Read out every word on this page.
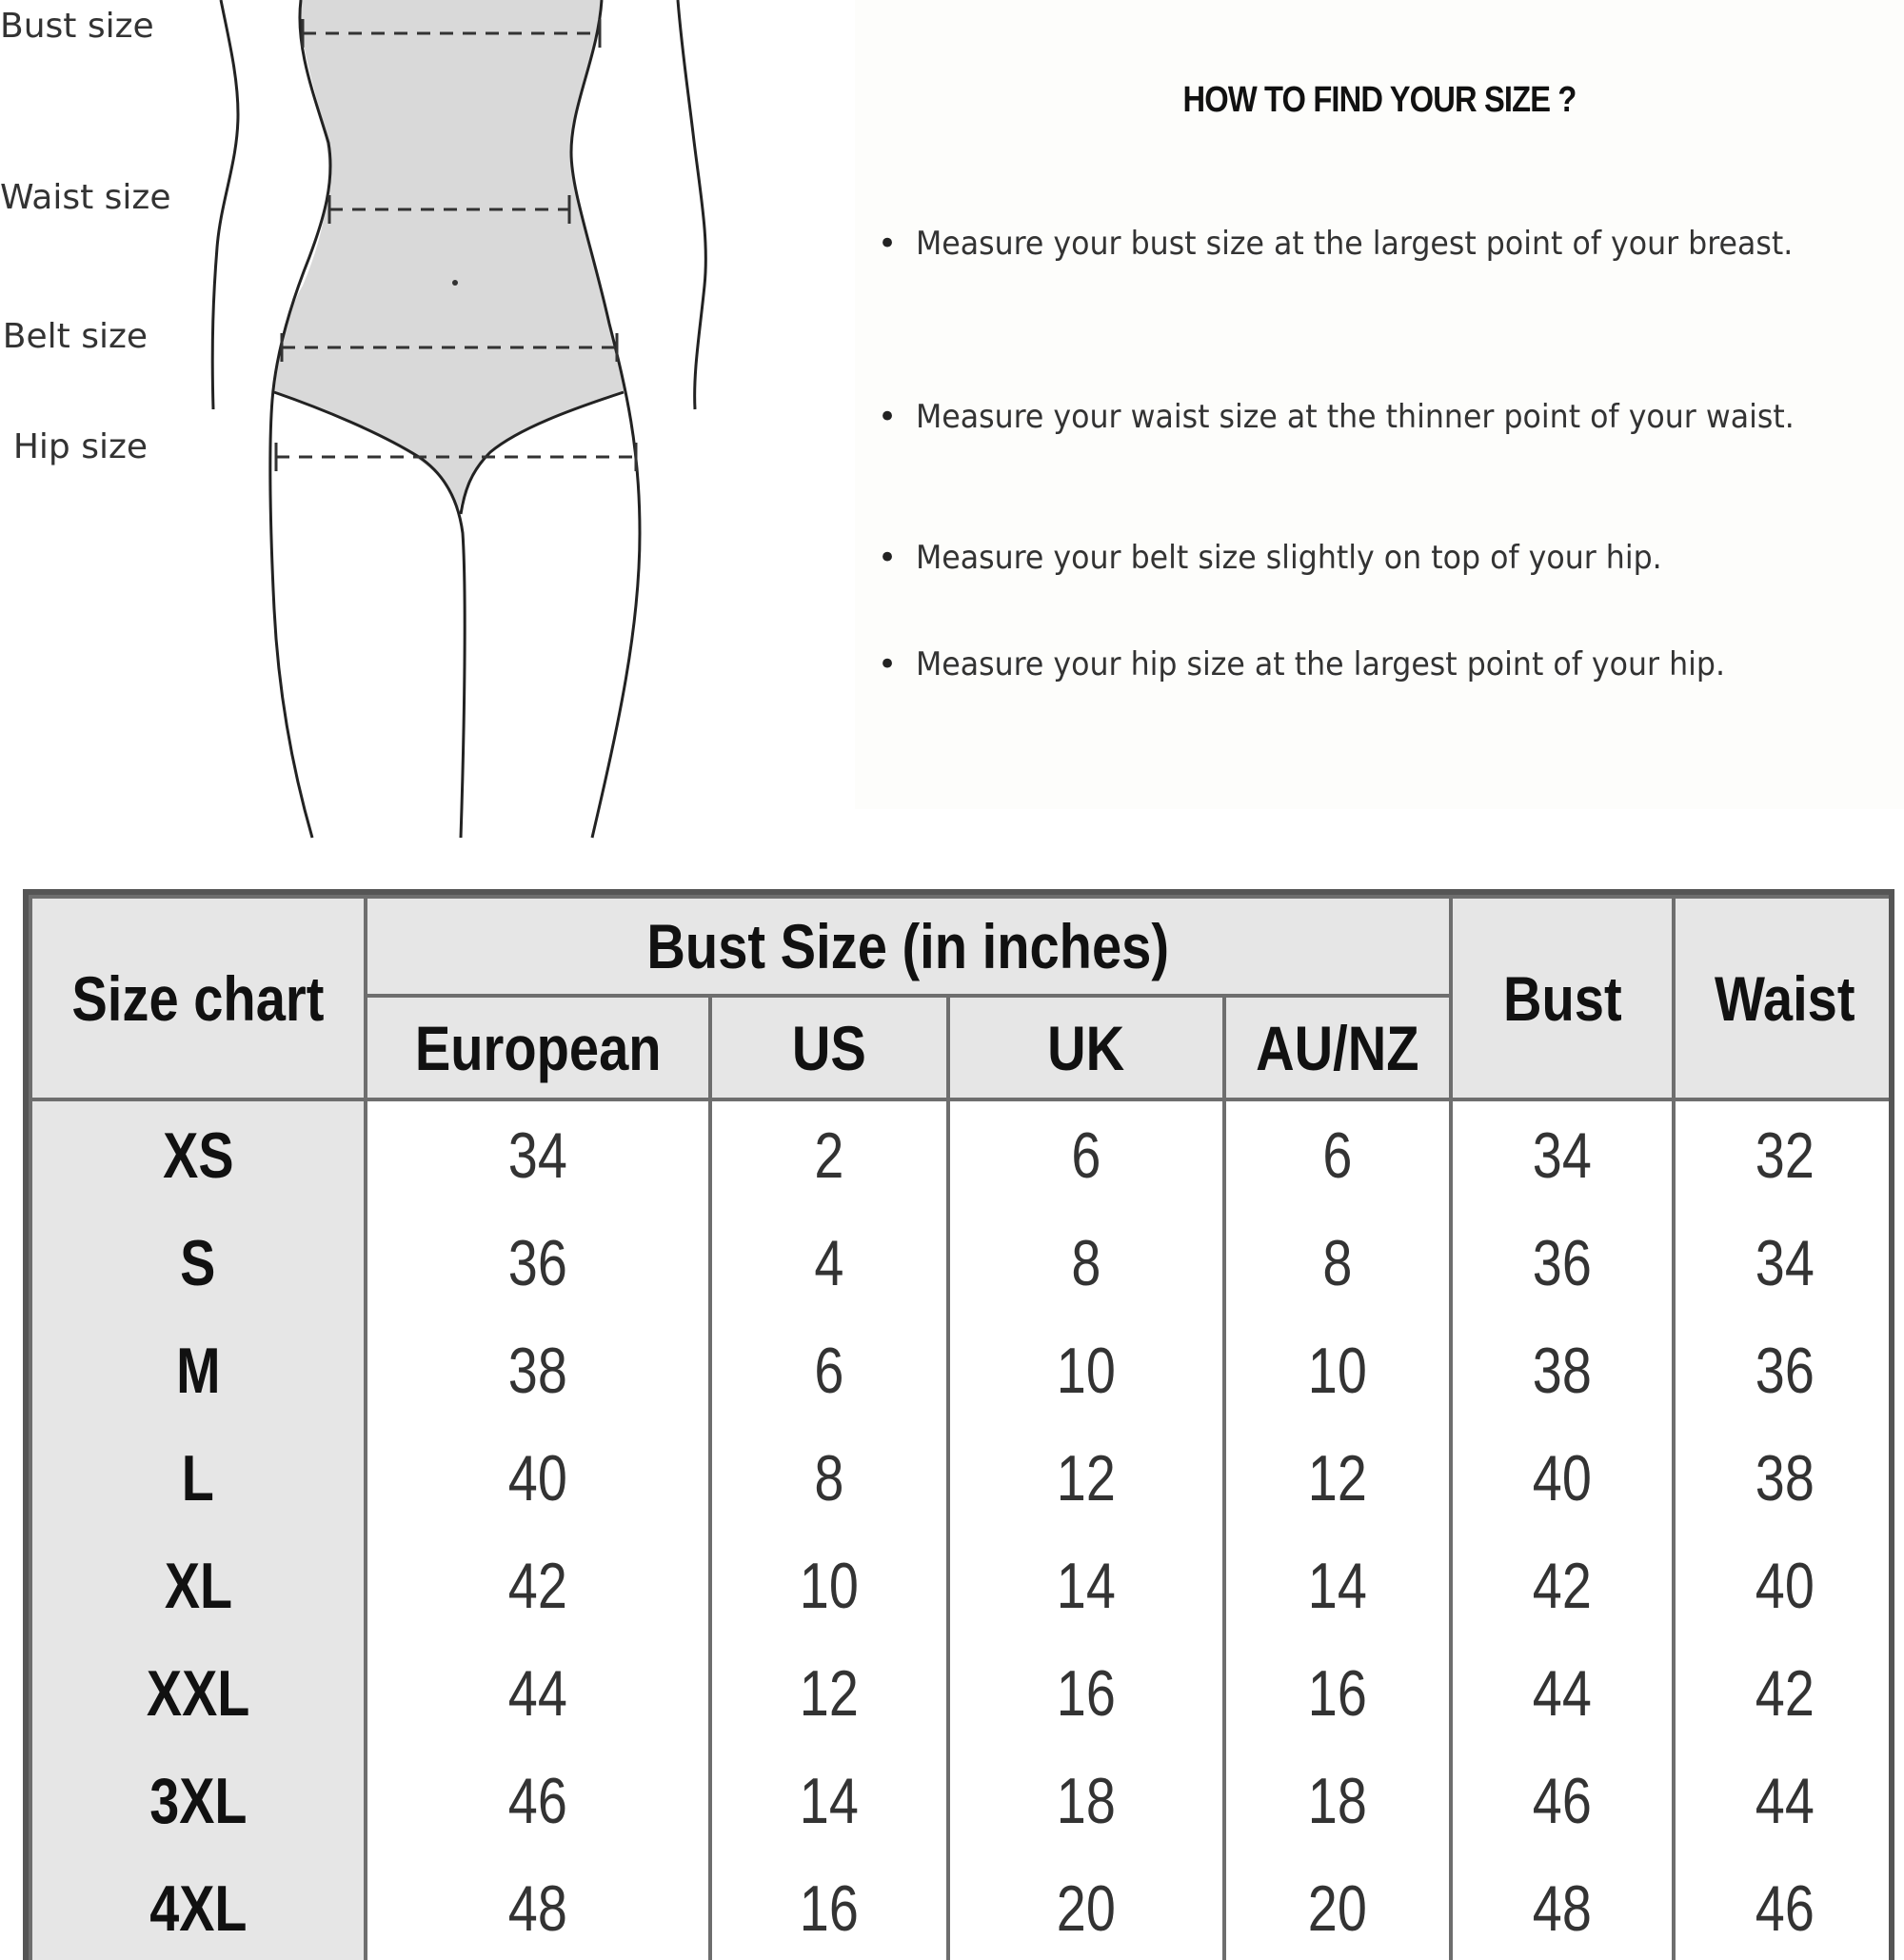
Bust size
Waist size
Belt size
Hip size
HOW TO FIND YOUR SIZE ?
• Measure your bust size at the largest point of your breast.
• Measure your waist size at the thinner point of your waist.
• Measure your belt size slightly on top of your hip.
• Measure your hip size at the largest point of your hip.
Size chart	Bust Size (in inches)				Bust	Waist
	European	US	UK	AU/NZ		
XS	34	2	6	6	34	32
S	36	4	8	8	36	34
M	38	6	10	10	38	36
L	40	8	12	12	40	38
XL	42	10	14	14	42	40
XXL	44	12	16	16	44	42
3XL	46	14	18	18	46	44
4XL	48	16	20	20	48	46
